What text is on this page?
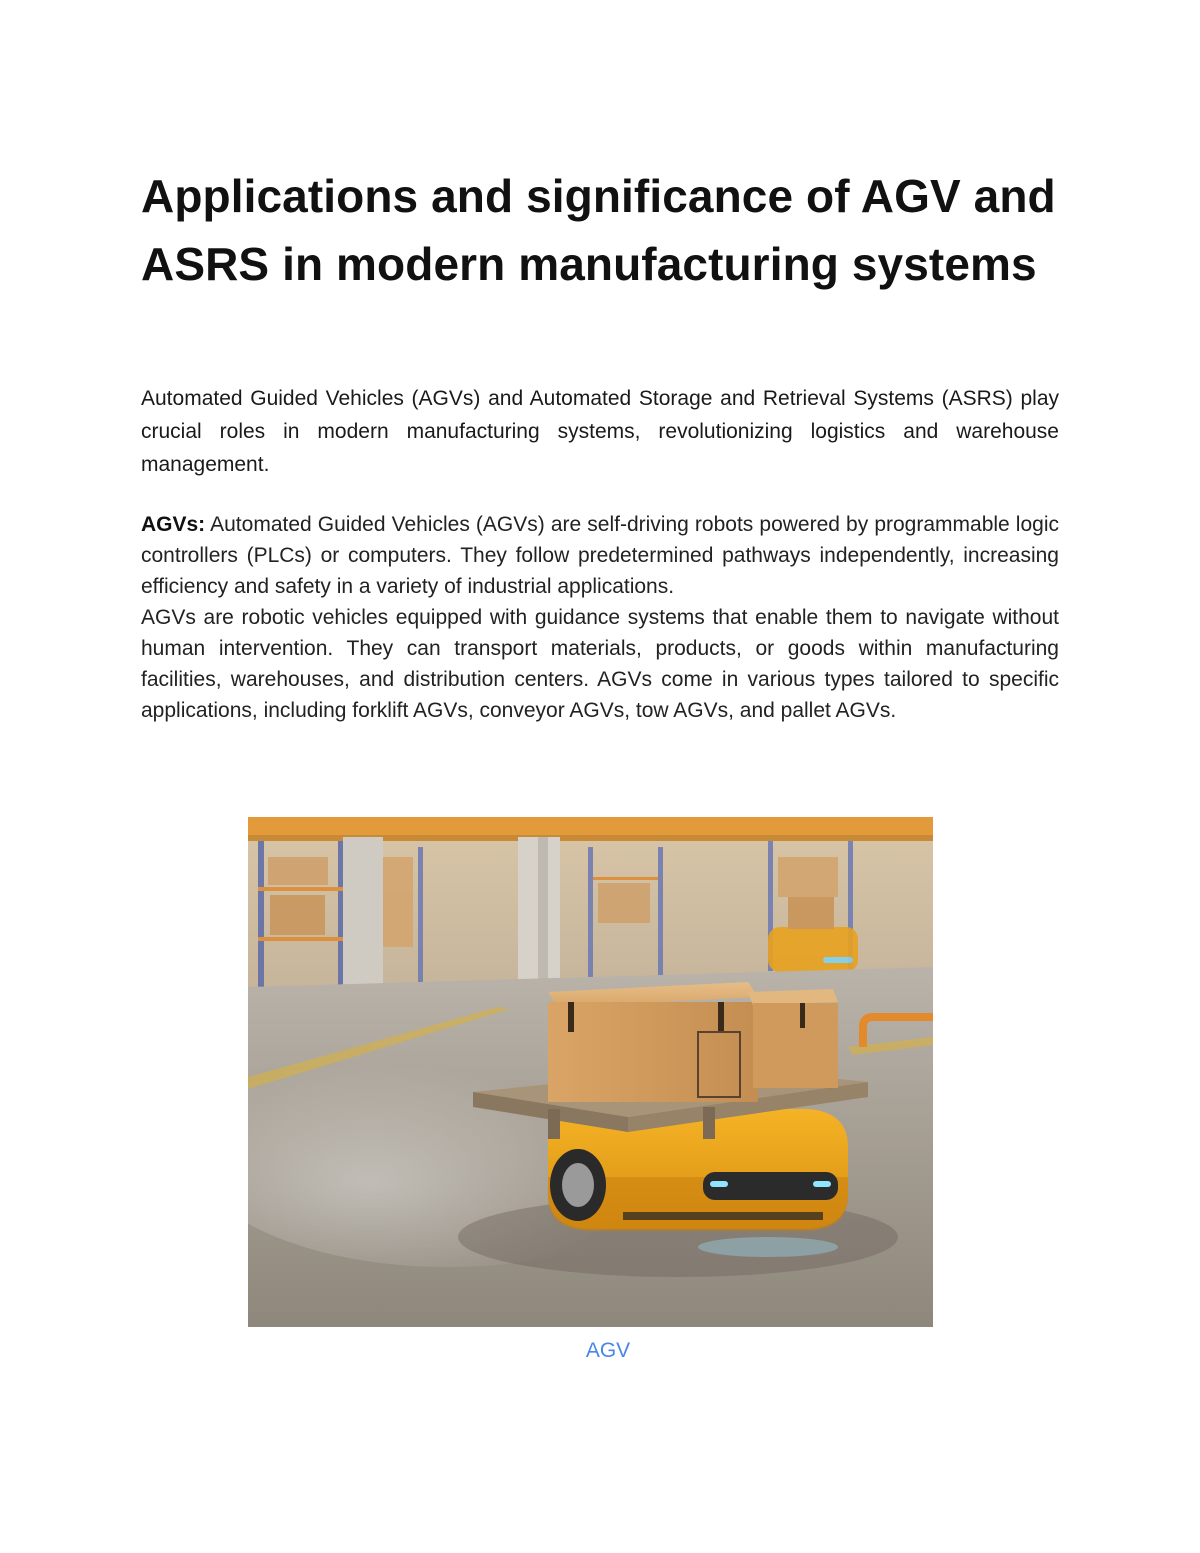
Applications and significance of AGV and ASRS in modern manufacturing systems

Automated Guided Vehicles (AGVs) and Automated Storage and Retrieval Systems (ASRS) play crucial roles in modern manufacturing systems, revolutionizing logistics and warehouse management.

AGVs: Automated Guided Vehicles (AGVs) are self-driving robots powered by programmable logic controllers (PLCs) or computers. They follow predetermined pathways independently, increasing efficiency and safety in a variety of industrial applications.

AGVs are robotic vehicles equipped with guidance systems that enable them to navigate without human intervention. They can transport materials, products, or goods within manufacturing facilities, warehouses, and distribution centers. AGVs come in various types tailored to specific applications, including forklift AGVs, conveyor AGVs, tow AGVs, and pallet AGVs.

AGV
